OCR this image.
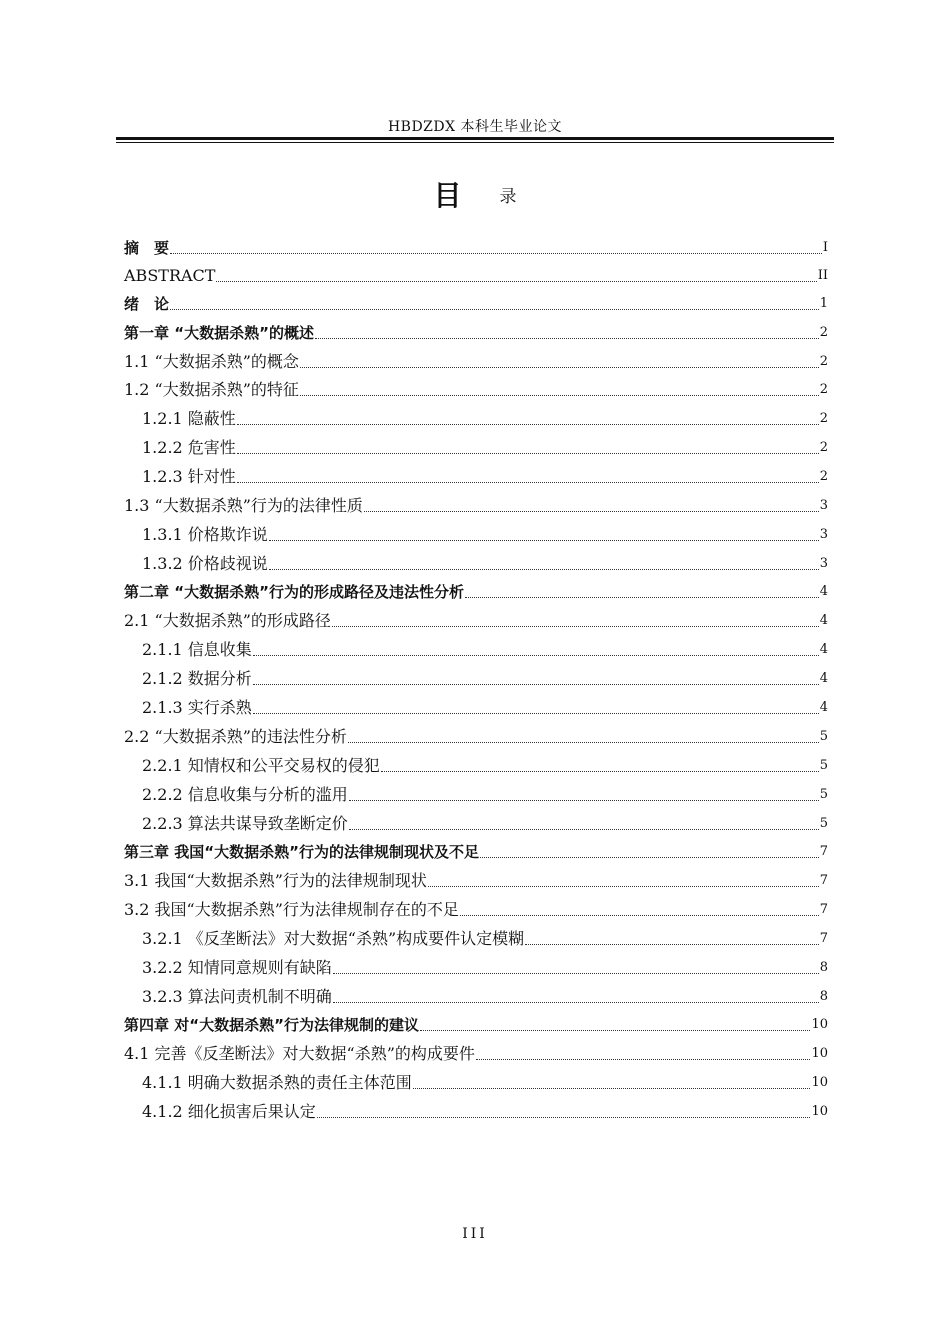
HBDZDX 本科生毕业论文
目 录
摘　要	I
ABSTRACT	II
绪　论	1
第一章 “大数据杀熟”的概述	2
1.1 “大数据杀熟”的概念	2
1.2 “大数据杀熟”的特征	2
1.2.1 隐蔽性	2
1.2.2 危害性	2
1.2.3 针对性	2
1.3 “大数据杀熟”行为的法律性质	3
1.3.1 价格欺诈说	3
1.3.2 价格歧视说	3
第二章 “大数据杀熟”行为的形成路径及违法性分析	4
2.1 “大数据杀熟”的形成路径	4
2.1.1 信息收集	4
2.1.2 数据分析	4
2.1.3 实行杀熟	4
2.2 “大数据杀熟”的违法性分析	5
2.2.1 知情权和公平交易权的侵犯	5
2.2.2 信息收集与分析的滥用	5
2.2.3 算法共谋导致垄断定价	5
第三章 我国“大数据杀熟”行为的法律规制现状及不足	7
3.1 我国“大数据杀熟”行为的法律规制现状	7
3.2 我国“大数据杀熟”行为法律规制存在的不足	7
3.2.1 《反垄断法》对大数据“杀熟”构成要件认定模糊	7
3.2.2 知情同意规则有缺陷	8
3.2.3 算法问责机制不明确	8
第四章 对“大数据杀熟”行为法律规制的建议	10
4.1 完善《反垄断法》对大数据“杀熟”的构成要件	10
4.1.1 明确大数据杀熟的责任主体范围	10
4.1.2 细化损害后果认定	10
III
